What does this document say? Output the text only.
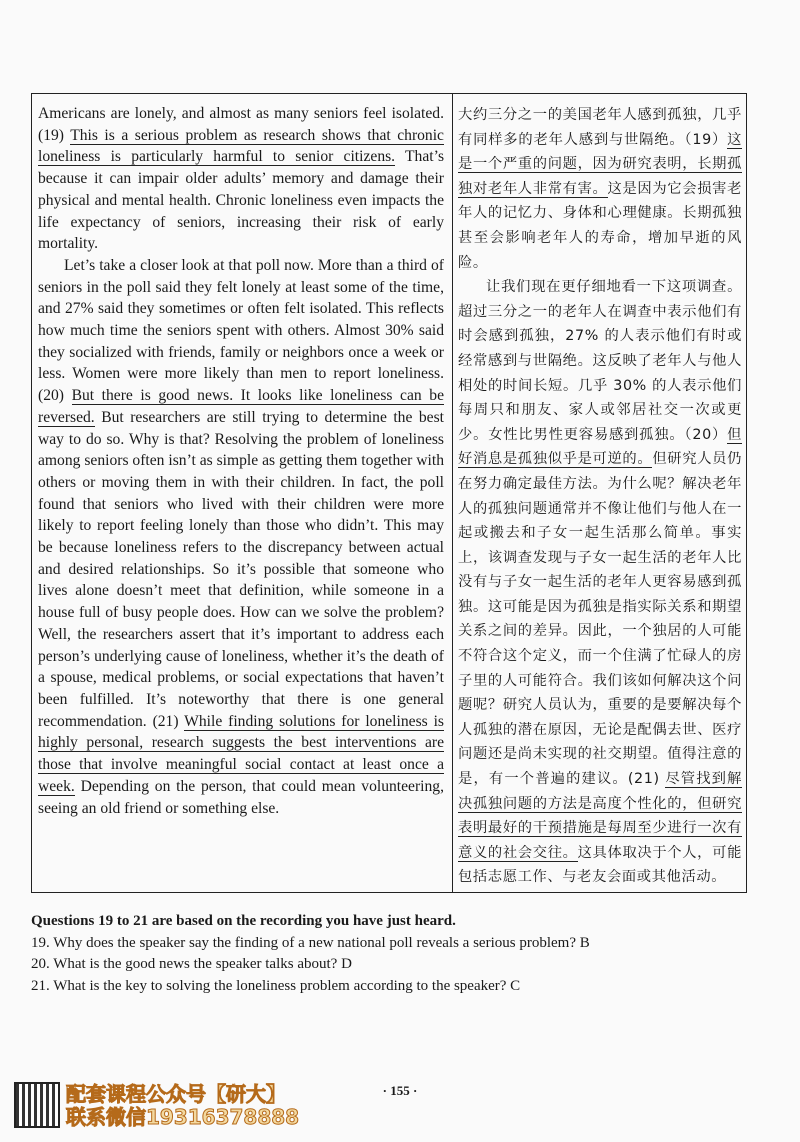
Americans are lonely, and almost as many seniors feel isolated. (19) This is a serious problem as research shows that chronic loneliness is particularly harmful to senior citizens. That’s because it can impair older adults’ memory and damage their physical and mental health. Chronic loneliness even impacts the life expectancy of seniors, increasing their risk of early mortality.

Let’s take a closer look at that poll now. More than a third of seniors in the poll said they felt lonely at least some of the time, and 27% said they sometimes or often felt isolated. This reflects how much time the seniors spent with others. Almost 30% said they socialized with friends, family or neighbors once a week or less. Women were more likely than men to report loneliness. (20) But there is good news. It looks like loneliness can be reversed. But researchers are still trying to determine the best way to do so. Why is that? Resolving the problem of loneliness among seniors often isn’t as simple as getting them together with others or moving them in with their children. In fact, the poll found that seniors who lived with their children were more likely to report feeling lonely than those who didn’t. This may be because loneliness refers to the discrepancy between actual and desired relationships. So it’s possible that someone who lives alone doesn’t meet that definition, while someone in a house full of busy people does. How can we solve the problem? Well, the researchers assert that it’s important to address each person’s underlying cause of loneliness, whether it’s the death of a spouse, medical problems, or social expectations that haven’t been fulfilled. It’s noteworthy that there is one general recommendation. (21) While finding solutions for loneliness is highly personal, research suggests the best interventions are those that involve meaningful social contact at least once a week. Depending on the person, that could mean volunteering, seeing an old friend or something else.

大约三分之一的美国老年人感到孤独，几乎有同样多的老年人感到与世隔绝。（19）这是一个严重的问题，因为研究表明，长期孤独对老年人非常有害。这是因为它会损害老年人的记忆力、身体和心理健康。长期孤独甚至会影响老年人的寿命，增加早逝的风险。

让我们现在更仔细地看一下这项调查。超过三分之一的老年人在调查中表示他们有时会感到孤独，27% 的人表示他们有时或经常感到与世隔绝。这反映了老年人与他人相处的时间长短。几乎 30% 的人表示他们每周只和朋友、家人或邻居社交一次或更少。女性比男性更容易感到孤独。（20）但好消息是孤独似乎是可逆的。但研究人员仍在努力确定最佳方法。为什么呢？解决老年人的孤独问题通常并不像让他们与他人在一起或搬去和子女一起生活那么简单。事实上，该调查发现与子女一起生活的老年人比没有与子女一起生活的老年人更容易感到孤独。这可能是因为孤独是指实际关系和期望关系之间的差异。因此，一个独居的人可能不符合这个定义，而一个住满了忙碌人的房子里的人可能符合。我们该如何解决这个问题呢？研究人员认为，重要的是要解决每个人孤独的潜在原因，无论是配偶去世、医疗问题还是尚未实现的社交期望。值得注意的是，有一个普遍的建议。(21) 尽管找到解决孤独问题的方法是高度个性化的，但研究表明最好的干预措施是每周至少进行一次有意义的社会交往。这具体取决于个人，可能包括志愿工作、与老友会面或其他活动。

Questions 19 to 21 are based on the recording you have just heard.
19. Why does the speaker say the finding of a new national poll reveals a serious problem? B
20. What is the good news the speaker talks about? D
21. What is the key to solving the loneliness problem according to the speaker? C
配套课程公众号【研大】
联系微信19316378888
· 155 ·
